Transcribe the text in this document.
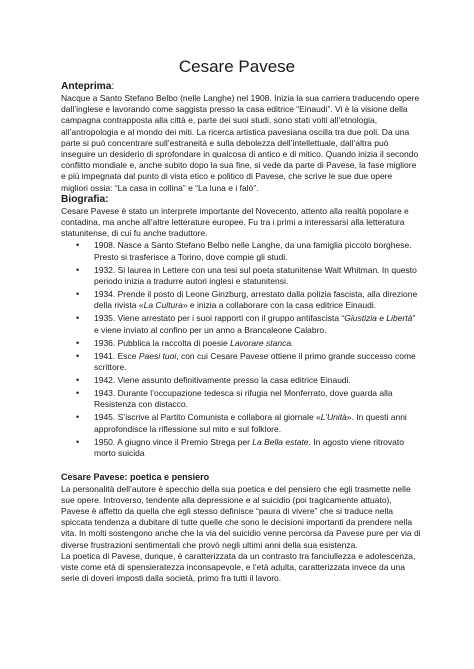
Cesare Pavese
Anteprima:

Nacque a Santo Stefano Belbo (nelle Langhe) nel 1908. Inizia la sua carriera traducendo opere dall’inglese e lavorando come saggista presso la casa editrice “Einaudi”. Vi è la visione della campagna contrapposta alla città e, parte dei suoi studi, sono stati volti all’etnologia, all’antropologia e al mondo dei miti. La ricerca artistica pavesiana oscilla tra due poli. Da una parte si può concentrare sull’estraneità e sulla debolezza dell’intellettuale, dall’altra può inseguire un desiderio di sprofondare in qualcosa di antico e di mitico. Quando inizia il secondo conflitto mondiale e, anche subito dopo la sua fine, si vede da parte di Pavese, la fase migliore e più impegnata dal punto di vista etico e politico di Pavese, che scrive le sue due opere migliori ossia: “La casa in collina” e “La luna e i falò”.

Biografia:

Cesare Pavese è stato un interprete importante del Novecento, attento alla realtà popolare e contadina, ma anche all’altre letterature europee. Fu tra i primi a interessarsi alla letteratura statunitense, di cui fu anche traduttore.

• 1908. Nasce a Santo Stefano Belbo nelle Langhe, da una famiglia piccolo borghese. Presto si trasferisce a Torino, dove compie gli studi.
• 1932. Si laurea in Lettere con una tesi sul poeta statunitense Walt Whitman. In questo periodo inizia a tradurre autori inglesi e statunitensi.
• 1934. Prende il posto di Leone Ginzburg, arrestato dalla polizia fascista, alla direzione della rivista «La Cultura» e inizia a collaborare con la casa editrice Einaudi.
• 1935. Viene arrestato per i suoi rapporti con il gruppo antifascista “Giustizia e Libertà” e viene inviato al confino per un anno a Brancaleone Calabro.
• 1936. Pubblica la raccolta di poesie Lavorare stanca.
• 1941. Esce Paesi tuoi, con cui Cesare Pavese ottiene il primo grande successo come scrittore.
• 1942. Viene assunto definitivamente presso la casa editrice Einaudi.
• 1943. Durante l’occupazione tedesca si rifugia nel Monferrato, dove guarda alla Resistenza con distacco.
• 1945. S’iscrive al Partito Comunista e collabora al giornale «L’Unità». In questi anni approfondisce la riflessione sul mito e sul folklore.
• 1950. A giugno vince il Premio Strega per La Bella estate. In agosto viene ritrovato morto suicida
Cesare Pavese: poetica e pensiero

La personalità dell’autore è specchio della sua poetica e del pensiero che egli trasmette nelle sue opere. Introverso, tendente alla depressione e al suicidio (poi tragicamente attuato), Pavese è affetto da quella che egli stesso definisce “paura di vivere” che si traduce nella spiccata tendenza a dubitare di tutte quelle che sono le decisioni importanti da prendere nella vita. In molti sostengono anche che la via del suicidio venne percorsa da Pavese pure per via di diverse frustrazioni sentimentali che provò negli ultimi anni della sua esistenza.

La poetica di Pavese, dunque, è caratterizzata da un contrasto tra fanciullezza e adolescenza, viste come età di spensieratezza inconsapevole, e l’età adulta, caratterizzata invece da una serie di doveri imposti dalla società, primo fra tutti il lavoro.
